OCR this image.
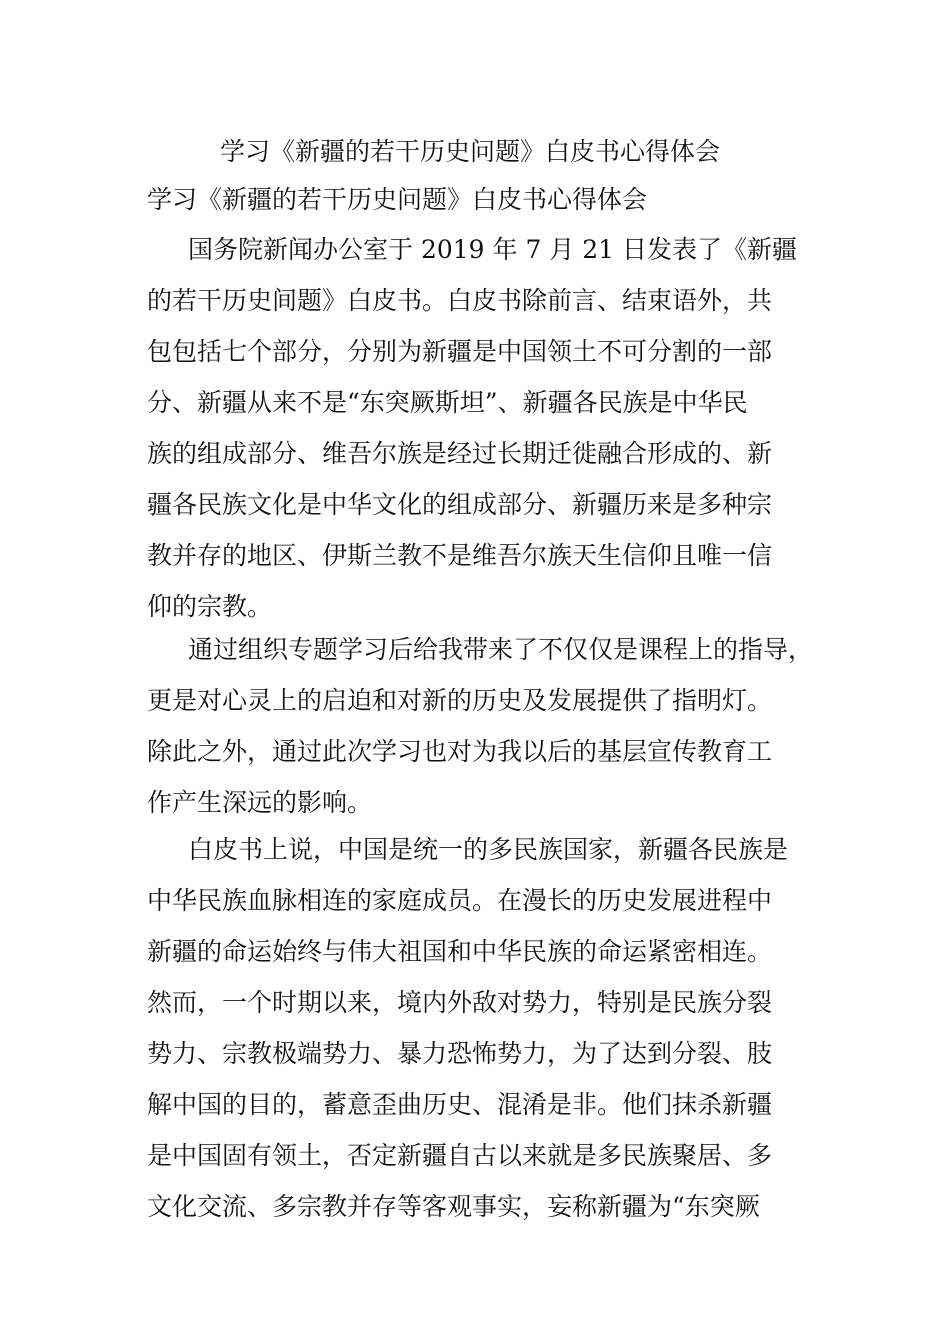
学习《新疆的若干历史问题》白皮书心得体会
学习《新疆的若干历史问题》白皮书心得体会
国务院新闻办公室于 2019 年 7 月 21 日发表了《新疆
的若干历史间题》白皮书。白皮书除前言、结束语外，共
包包括七个部分，分别为新疆是中国领土不可分割的一部
分、新疆从来不是“东突厥斯坦”、新疆各民族是中华民
族的组成部分、维吾尔族是经过长期迁徙融合形成的、新
疆各民族文化是中华文化的组成部分、新疆历来是多种宗
教并存的地区、伊斯兰教不是维吾尔族天生信仰且唯一信
仰的宗教。
通过组织专题学习后给我带来了不仅仅是课程上的指导，
更是对心灵上的启迫和对新的历史及发展提供了指明灯。
除此之外，通过此次学习也对为我以后的基层宣传教育工
作产生深远的影响。
白皮书上说，中国是统一的多民族国家，新疆各民族是
中华民族血脉相连的家庭成员。在漫长的历史发展进程中
新疆的命运始终与伟大祖国和中华民族的命运紧密相连。
然而，一个时期以来，境内外敌对势力，特别是民族分裂
势力、宗教极端势力、暴力恐怖势力，为了达到分裂、肢
解中国的目的，蓄意歪曲历史、混淆是非。他们抹杀新疆
是中国固有领土，否定新疆自古以来就是多民族聚居、多
文化交流、多宗教并存等客观事实，妄称新疆为“东突厥
